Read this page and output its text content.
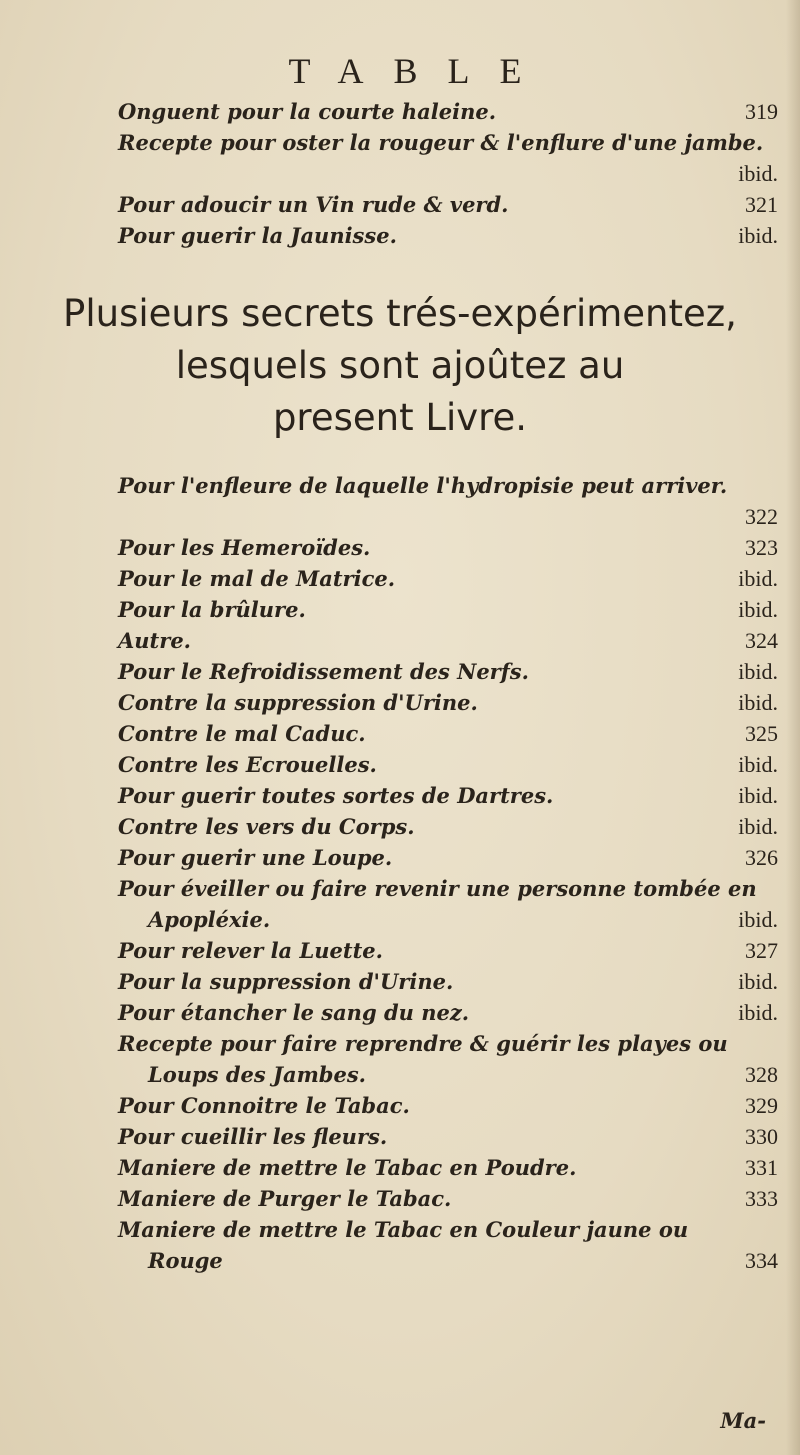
TABLE
Onguent pour la courte haleine.	319
Recepte pour oster la rougeur & l'enflure d'une jambe.
ibid.
Pour adoucir un Vin rude & verd.	321
Pour guerir la Jaunisse.	ibid.
Plusieurs secrets trés-expérimentez,
lesquels sont ajoûtez au
present Livre.
Pour l'enfleure de laquelle l'hydropisie peut arriver.
322
Pour les Hemeroïdes.	323
Pour le mal de Matrice.	ibid.
Pour la brûlure.	ibid.
Autre.	324
Pour le Refroidissement des Nerfs.	ibid.
Contre la suppression d'Urine.	ibid.
Contre le mal Caduc.	325
Contre les Ecrouelles.	ibid.
Pour guerir toutes sortes de Dartres.	ibid.
Contre les vers du Corps.	ibid.
Pour guerir une Loupe.	326
Pour éveiller ou faire revenir une personne tombée en
Apopléxie.	ibid.
Pour relever la Luette.	327
Pour la suppression d'Urine.	ibid.
Pour étancher le sang du nez.	ibid.
Recepte pour faire reprendre & guérir les playes ou
Loups des Jambes.	328
Pour Connoitre le Tabac.	329
Pour cueillir les fleurs.	330
Maniere de mettre le Tabac en Poudre.	331
Maniere de Purger le Tabac.	333
Maniere de mettre le Tabac en Couleur jaune ou
Rouge	334
Ma-
